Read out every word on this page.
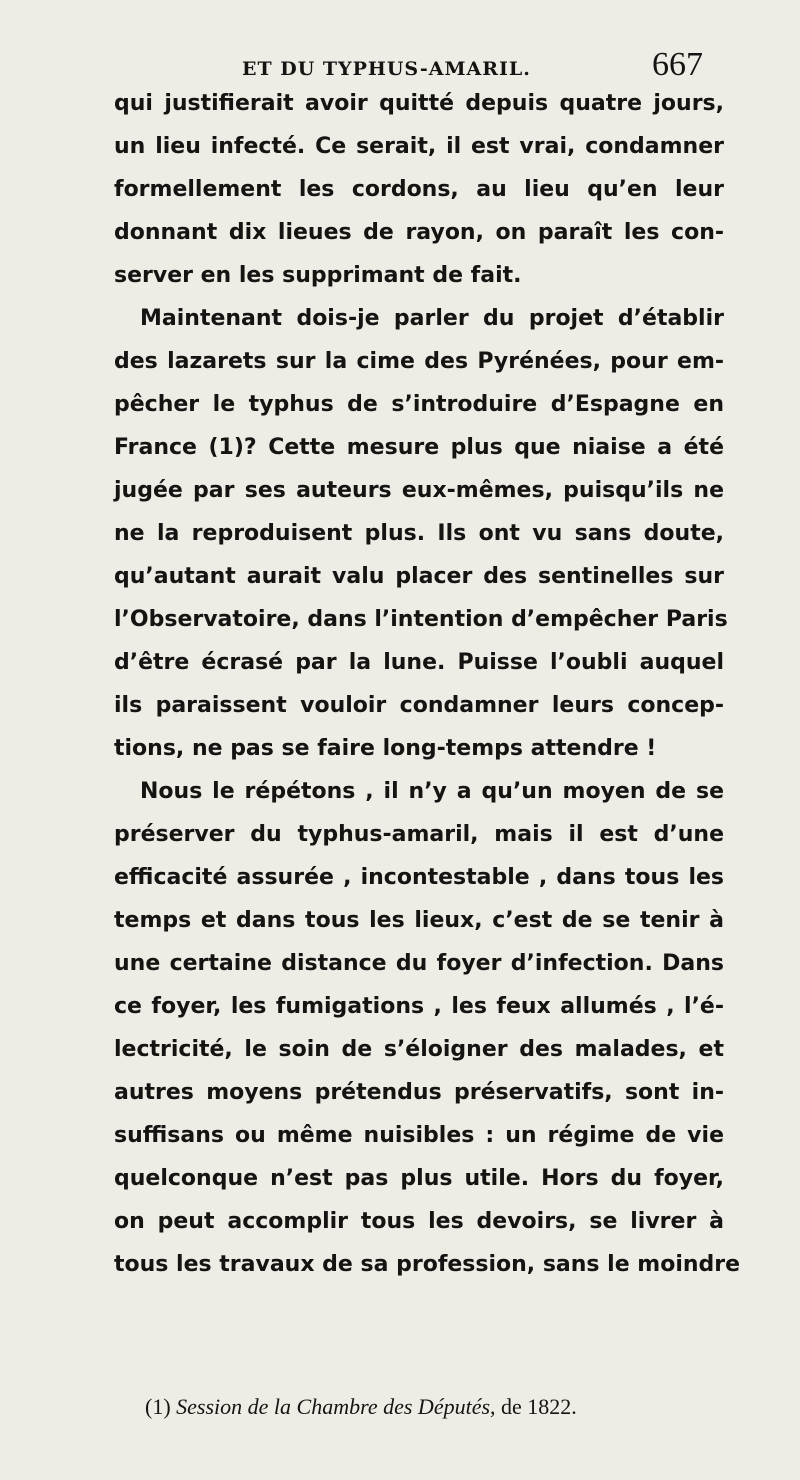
ET DU TYPHUS-AMARIL.	667
qui justifierait avoir quitté depuis quatre jours,
un lieu infecté. Ce serait, il est vrai, condamner
formellement les cordons, au lieu qu’en leur
donnant dix lieues de rayon, on paraît les con-
server en les supprimant de fait.
Maintenant dois-je parler du projet d’établir
des lazarets sur la cime des Pyrénées, pour em-
pêcher le typhus de s’introduire d’Espagne en
France (1)? Cette mesure plus que niaise a été
jugée par ses auteurs eux-mêmes, puisqu’ils ne
ne la reproduisent plus. Ils ont vu sans doute,
qu’autant aurait valu placer des sentinelles sur
l’Observatoire, dans l’intention d’empêcher Paris
d’être écrasé par la lune. Puisse l’oubli auquel
ils paraissent vouloir condamner leurs concep-
tions, ne pas se faire long-temps attendre !
Nous le répétons , il n’y a qu’un moyen de se
préserver du typhus-amaril, mais il est d’une
efficacité assurée , incontestable , dans tous les
temps et dans tous les lieux, c’est de se tenir à
une certaine distance du foyer d’infection. Dans
ce foyer, les fumigations , les feux allumés , l’é-
lectricité, le soin de s’éloigner des malades, et
autres moyens prétendus préservatifs, sont in-
suffisans ou même nuisibles : un régime de vie
quelconque n’est pas plus utile. Hors du foyer,
on peut accomplir tous les devoirs, se livrer à
tous les travaux de sa profession, sans le moindre
(1) Session de la Chambre des Députés, de 1822.
